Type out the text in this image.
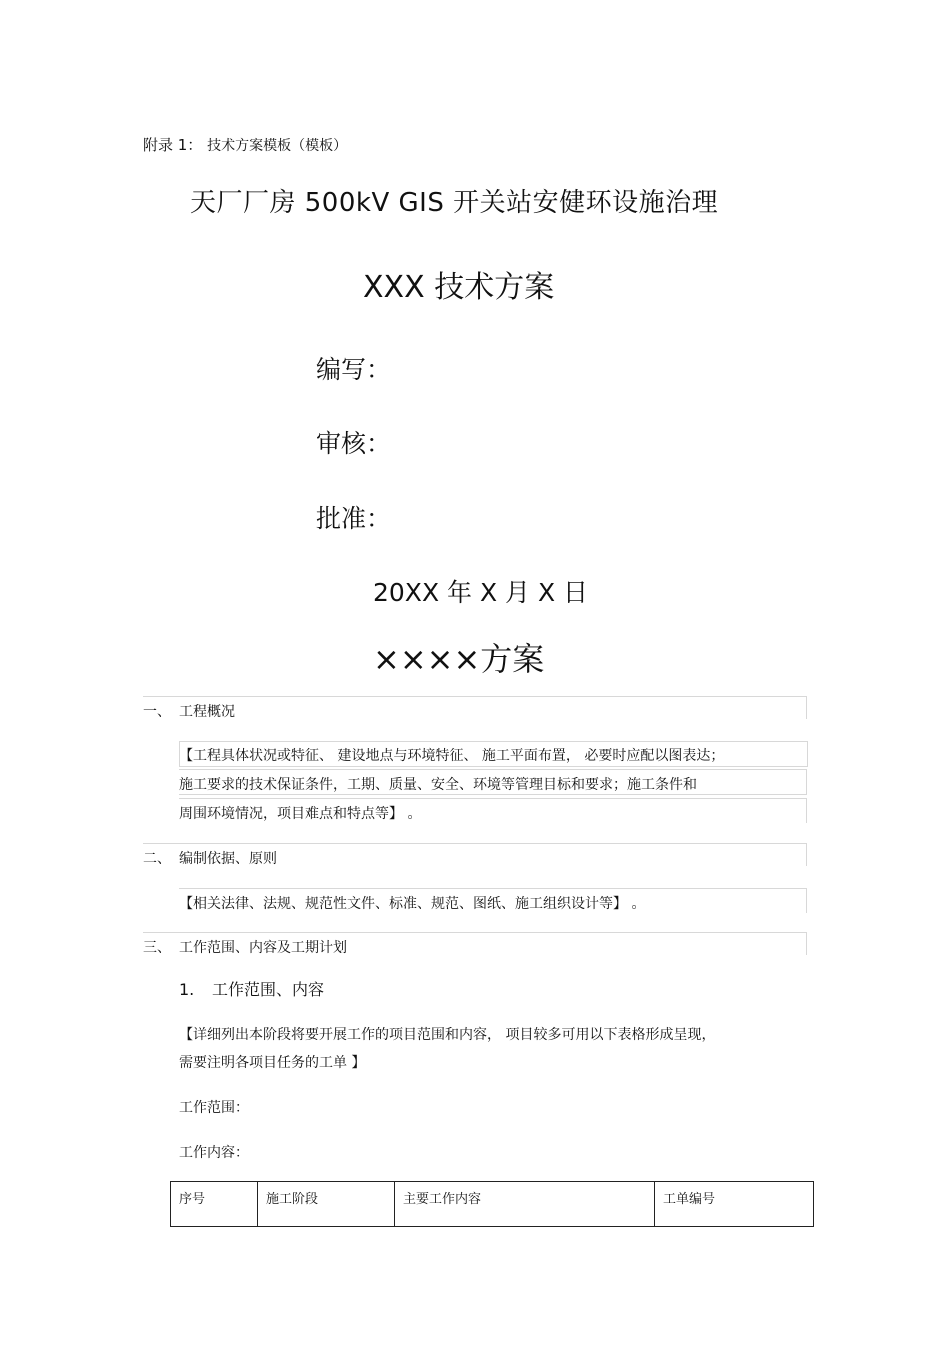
附录 1： 技术方案模板（模板）
天厂厂房 500kV GIS 开关站安健环设施治理
XXX 技术方案
编写：
审核：
批准：
20XX 年 X 月 X 日
××××方案
一、 工程概况
【工程具体状况或特征、 建设地点与环境特征、 施工平面布置， 必要时应配以图表达；
施工要求的技术保证条件，工期、质量、安全、环境等管理目标和要求；施工条件和
周围环境情况，项目难点和特点等】 。
二、 编制依据、原则
【相关法律、法规、规范性文件、标准、规范、图纸、施工组织设计等】 。
三、 工作范围、内容及工期计划
1. 工作范围、内容
【详细列出本阶段将要开展工作的项目范围和内容， 项目较多可用以下表格形成呈现，
需要注明各项目任务的工单 】
工作范围：
工作内容：
序号	施工阶段	主要工作内容	工单编号
